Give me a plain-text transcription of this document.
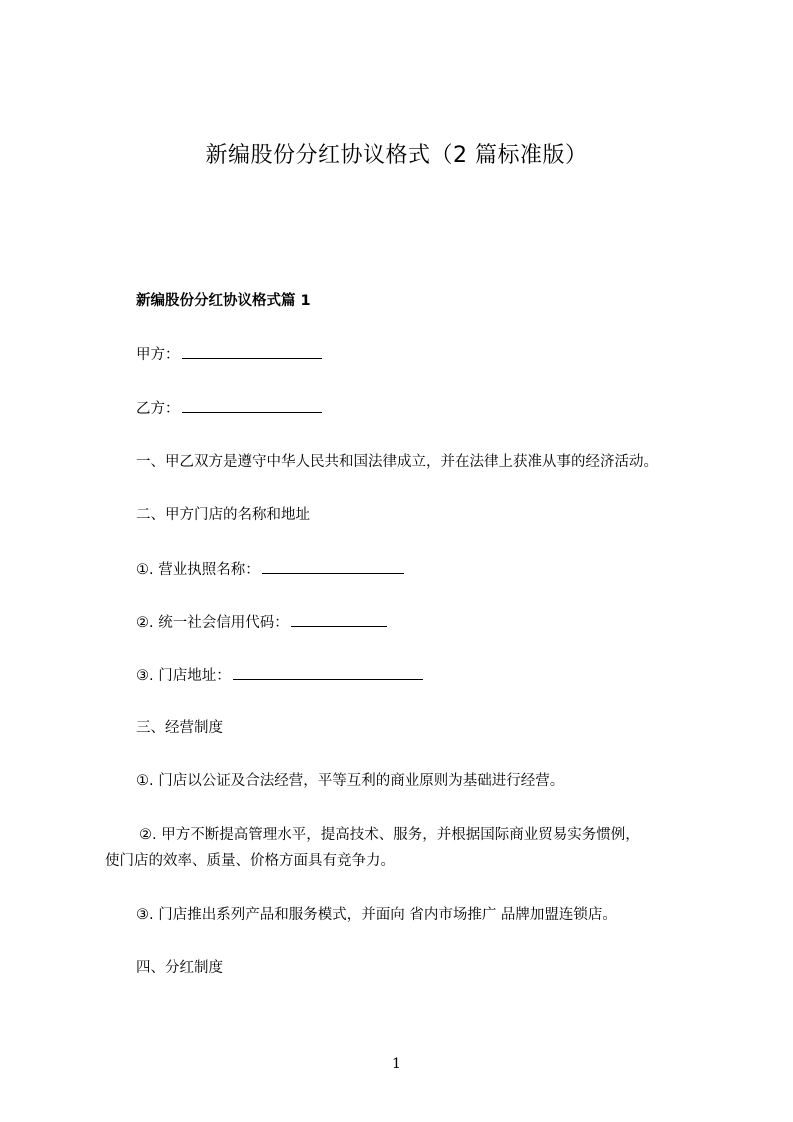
新编股份分红协议格式（2 篇标准版）
新编股份分红协议格式篇 1
甲方：
乙方：
一、甲乙双方是遵守中华人民共和国法律成立，并在法律上获准从事的经济活动。
二、甲方门店的名称和地址
①. 营业执照名称：
②. 统一社会信用代码：
③. 门店地址：
三、经营制度
①. 门店以公证及合法经营，平等互利的商业原则为基础进行经营。
②. 甲方不断提高管理水平，提高技术、服务，并根据国际商业贸易实务惯例，
使门店的效率、质量、价格方面具有竞争力。
③. 门店推出系列产品和服务模式，并面向 省内市场推广 品牌加盟连锁店。
四、分红制度
1
